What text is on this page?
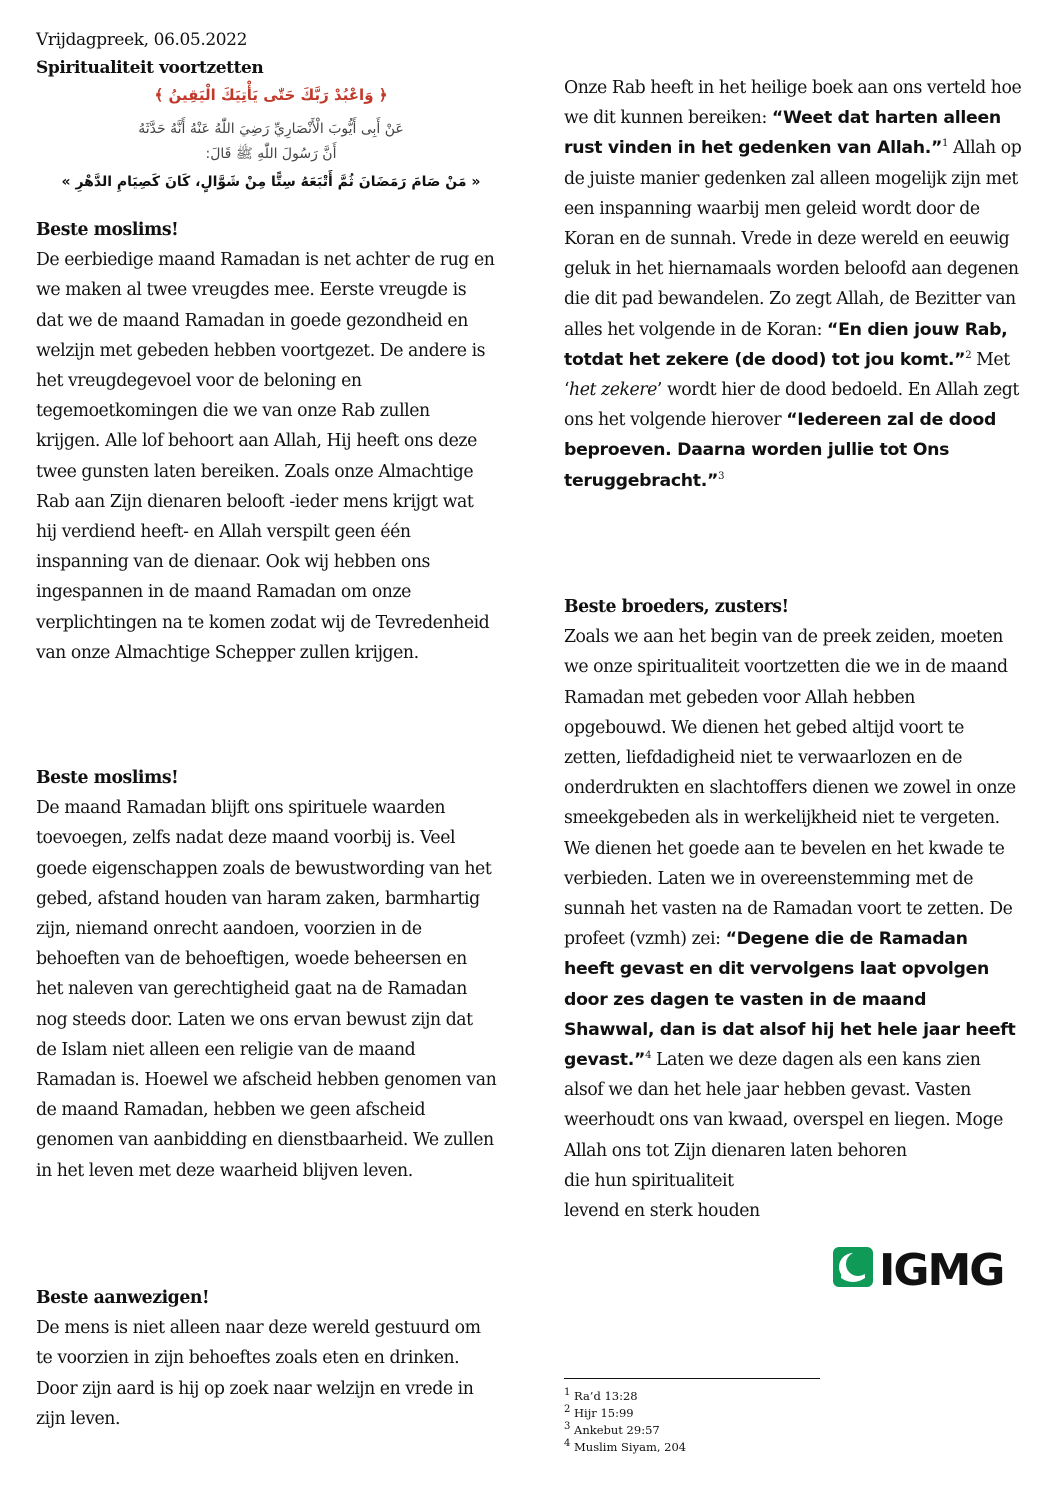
Vrijdagpreek, 06.05.2022
Spiritualiteit voortzetten
﴿ وَاعْبُدْ رَبَّكَ حَتّٰى يَأْتِيَكَ الْيَقِينُ ﴾
عَنْ أَبِى أَيُّوبَ الْأَنْصَارِيِّ رَضِيَ اللّٰهُ عَنْهُ أَنَّهُ حَدَّثَهُ
أَنَّ رَسُولَ اللّٰهِ ﷺ قَالَ:
« مَنْ صَامَ رَمَضَانَ ثُمَّ أَتْبَعَهُ سِتًّا مِنْ شَوَّالٍ، كَانَ كَصِيَامِ الدَّهْرِ »
Beste moslims!
De eerbiedige maand Ramadan is net achter de rug en we maken al twee vreugdes mee. Eerste vreugde is dat we de maand Ramadan in goede gezondheid en welzijn met gebeden hebben voortgezet. De andere is het vreugdegevoel voor de beloning en tegemoetkomingen die we van onze Rab zullen krijgen. Alle lof behoort aan Allah, Hij heeft ons deze twee gunsten laten bereiken. Zoals onze Almachtige Rab aan Zijn dienaren belooft -ieder mens krijgt wat hij verdiend heeft- en Allah verspilt geen één inspanning van de dienaar. Ook wij hebben ons ingespannen in de maand Ramadan om onze verplichtingen na te komen zodat wij de Tevredenheid van onze Almachtige Schepper zullen krijgen.
Beste moslims!
De maand Ramadan blijft ons spirituele waarden toevoegen, zelfs nadat deze maand voorbij is. Veel goede eigenschappen zoals de bewustwording van het gebed, afstand houden van haram zaken, barmhartig zijn, niemand onrecht aandoen, voorzien in de behoeften van de behoeftigen, woede beheersen en het naleven van gerechtigheid gaat na de Ramadan nog steeds door. Laten we ons ervan bewust zijn dat de Islam niet alleen een religie van de maand Ramadan is. Hoewel we afscheid hebben genomen van de maand Ramadan, hebben we geen afscheid genomen van aanbidding en dienstbaarheid. We zullen in het leven met deze waarheid blijven leven.
Beste aanwezigen!
De mens is niet alleen naar deze wereld gestuurd om te voorzien in zijn behoeftes zoals eten en drinken. Door zijn aard is hij op zoek naar welzijn en vrede in zijn leven.
Onze Rab heeft in het heilige boek aan ons verteld hoe we dit kunnen bereiken: “Weet dat harten alleen rust vinden in het gedenken van Allah.”$^1$ Allah op de juiste manier gedenken zal alleen mogelijk zijn met een inspanning waarbij men geleid wordt door de Koran en de sunnah. Vrede in deze wereld en eeuwig geluk in het hiernamaals worden beloofd aan degenen die dit pad bewandelen. Zo zegt Allah, de Bezitter van alles het volgende in de Koran: “En dien jouw Rab, totdat het zekere (de dood) tot jou komt.”$^2$ Met ‘het zekere’ wordt hier de dood bedoeld. En Allah zegt ons het volgende hierover “Iedereen zal de dood beproeven. Daarna worden jullie tot Ons teruggebracht.”$^3$
Beste broeders, zusters!
Zoals we aan het begin van de preek zeiden, moeten we onze spiritualiteit voortzetten die we in de maand Ramadan met gebeden voor Allah hebben opgebouwd. We dienen het gebed altijd voort te zetten, liefdadigheid niet te verwaarlozen en de onderdrukten en slachtoffers dienen we zowel in onze smeekgebeden als in werkelijkheid niet te vergeten. We dienen het goede aan te bevelen en het kwade te verbieden. Laten we in overeenstemming met de sunnah het vasten na de Ramadan voort te zetten. De profeet (vzmh) zei: “Degene die de Ramadan heeft gevast en dit vervolgens laat opvolgen door zes dagen te vasten in de maand Shawwal, dan is dat alsof hij het hele jaar heeft gevast.”$^4$ Laten we deze dagen als een kans zien alsof we dan het hele jaar hebben gevast. Vasten weerhoudt ons van kwaad, overspel en liegen. Moge Allah ons tot Zijn dienaren laten behoren
die hun spiritualiteit
levend en sterk houden
IGMG
$^1$ Ra’d 13:28
$^2$ Hijr 15:99
$^3$ Ankebut 29:57
$^4$ Muslim Siyam, 204
